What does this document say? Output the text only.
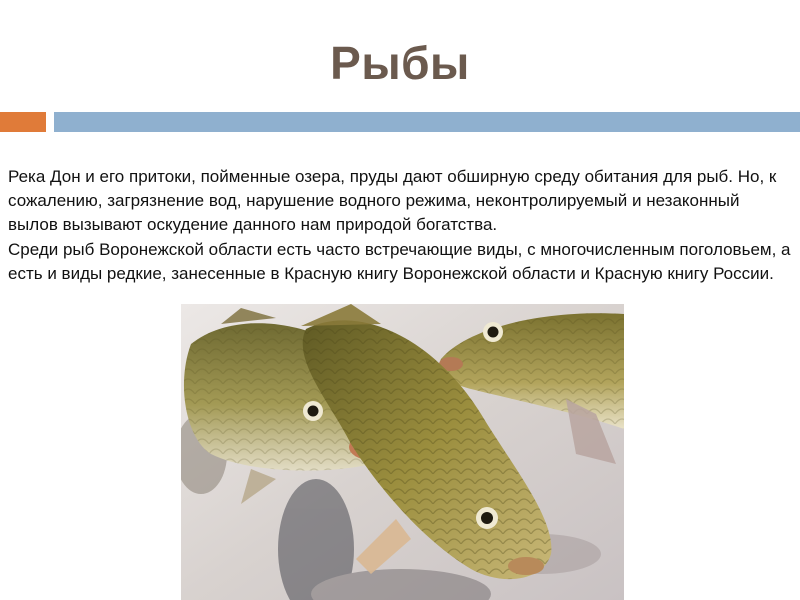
Рыбы

Река Дон и его притоки, пойменные озера, пруды дают обширную среду обитания для рыб. Но, к сожалению, загрязнение вод, нарушение водного режима, неконтролируемый и незаконный вылов вызывают оскудение данного нам природой богатства.

Среди рыб Воронежской области есть часто встречающие виды, с многочисленным поголовьем, а есть и виды редкие, занесенные в Красную книгу Воронежской области и Красную книгу России.
